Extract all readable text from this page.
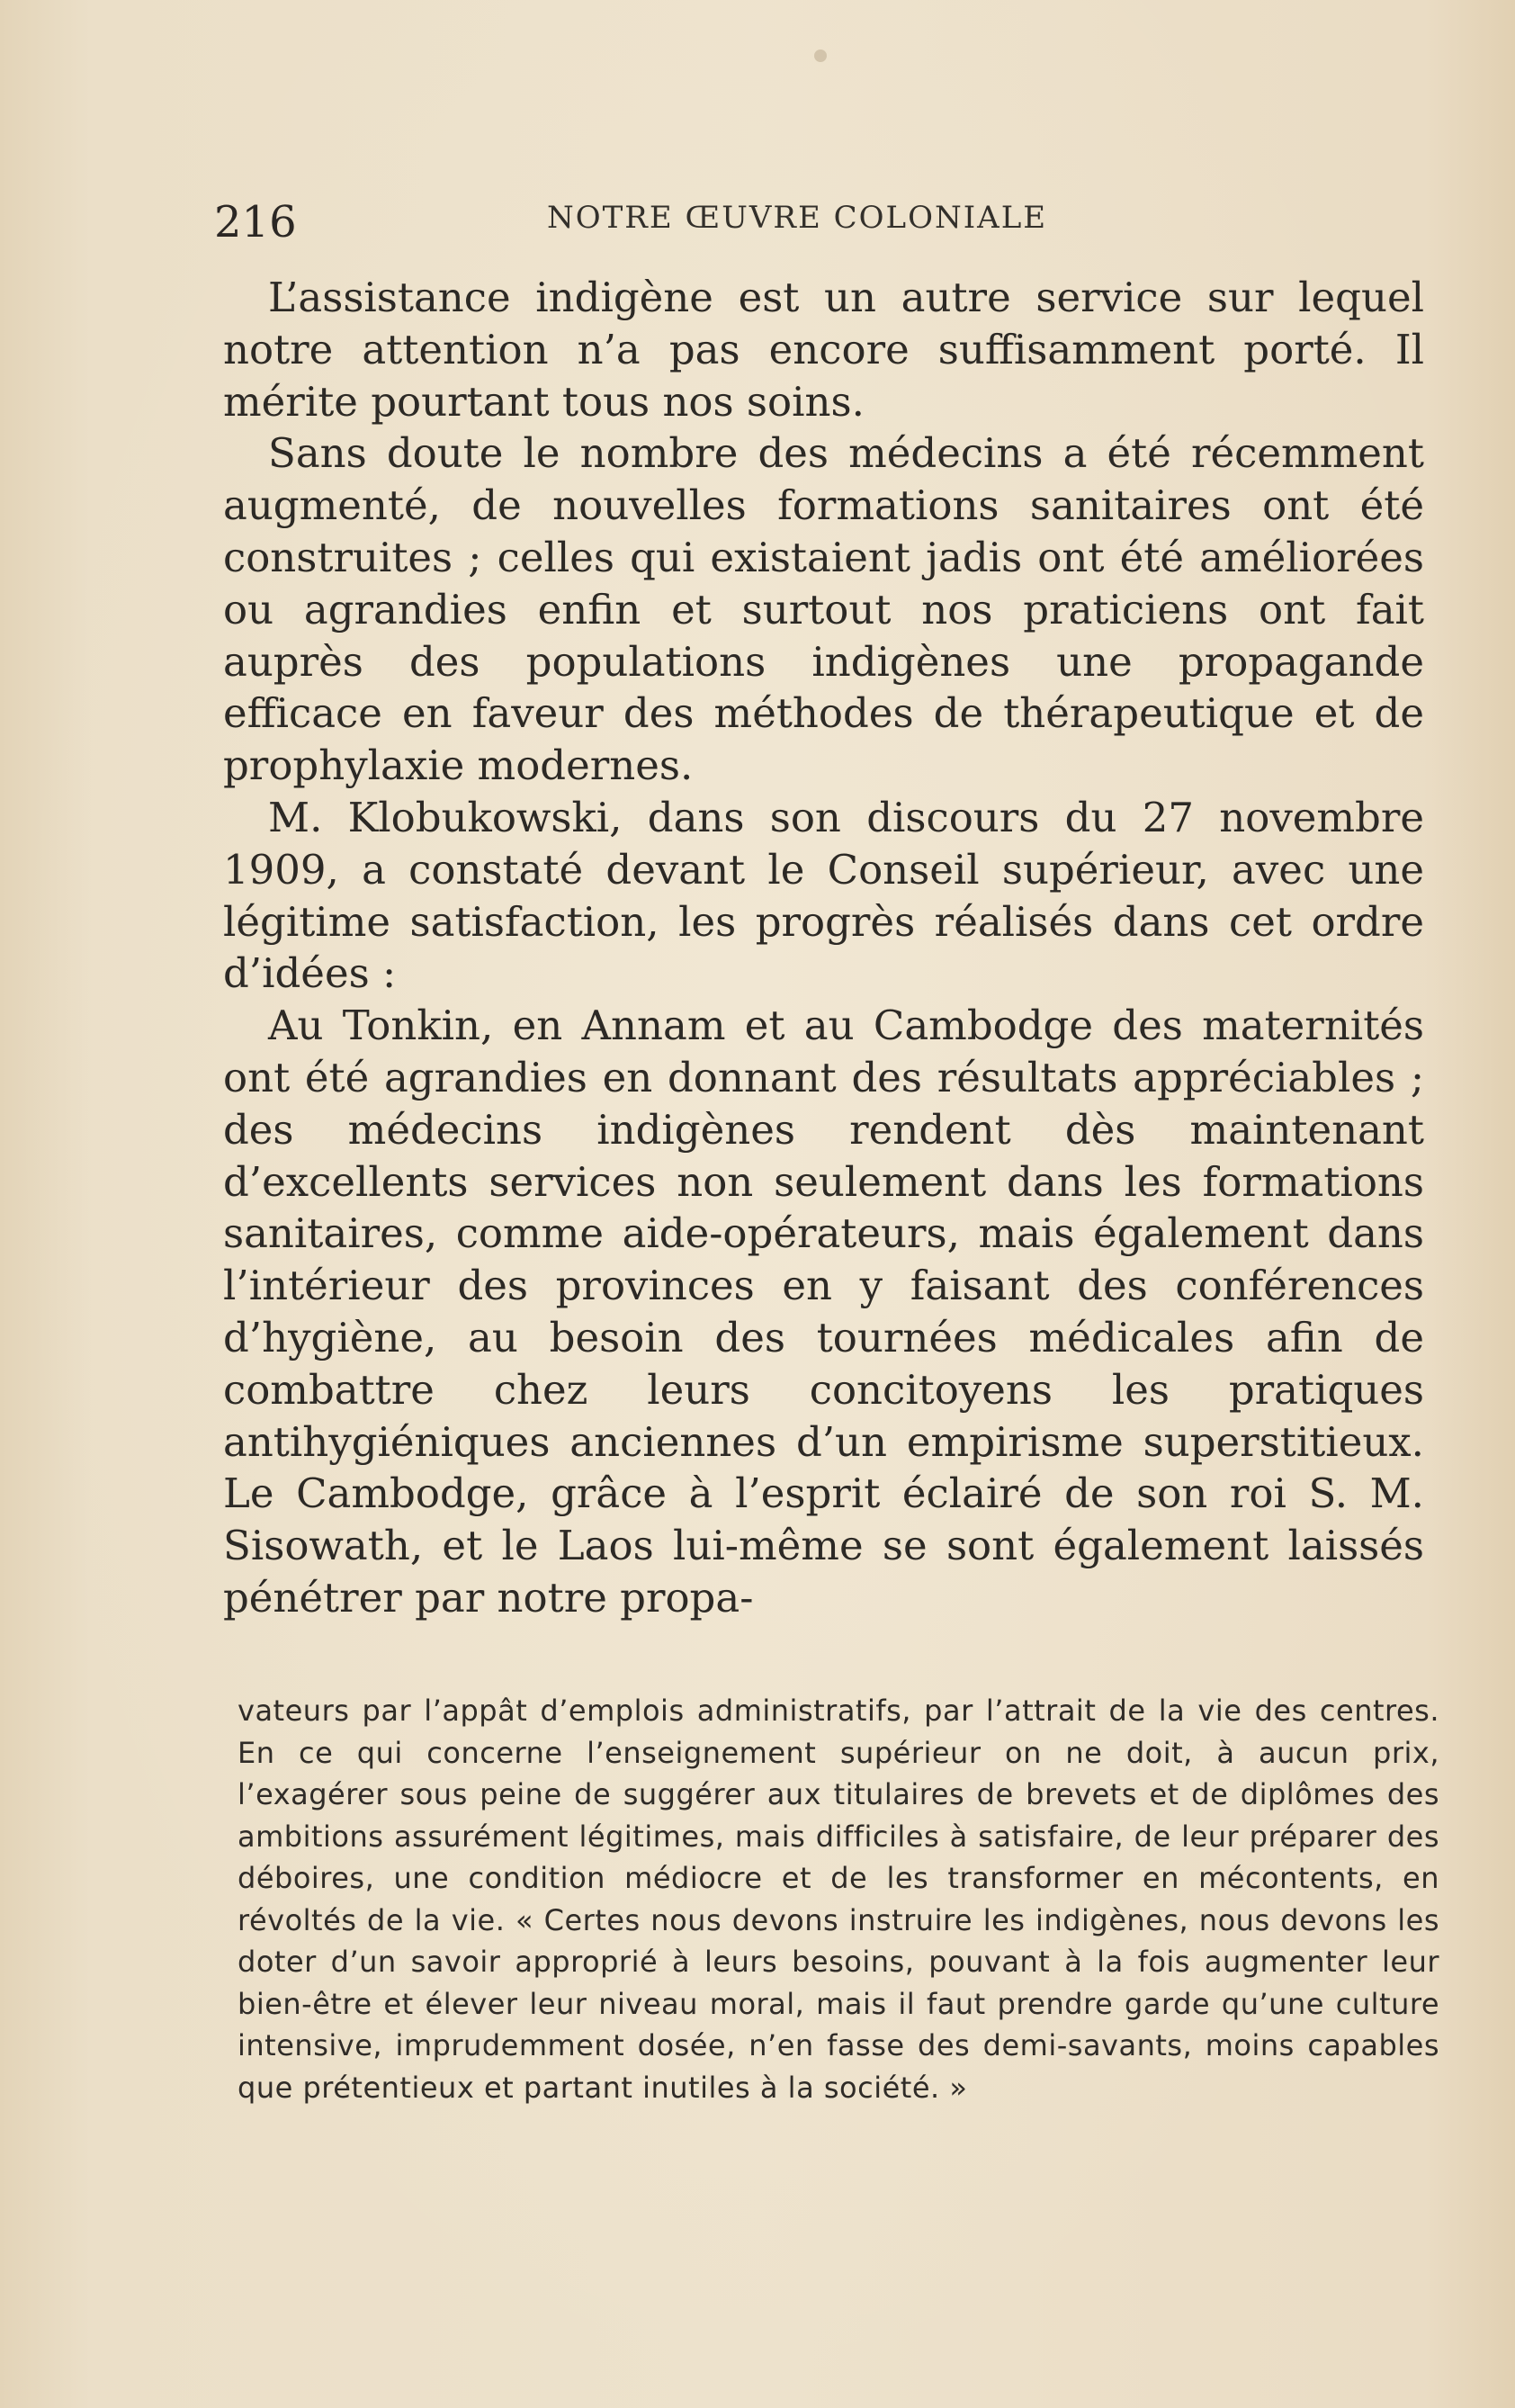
216	NOTRE ŒUVRE COLONIALE

L’assistance indigène est un autre service sur lequel notre attention n’a pas encore suffisamment porté. Il mérite pourtant tous nos soins.

Sans doute le nombre des médecins a été récemment augmenté, de nouvelles formations sanitaires ont été construites ; celles qui existaient jadis ont été améliorées ou agrandies enfin et surtout nos praticiens ont fait auprès des populations indigènes une propagande efficace en faveur des méthodes de thérapeutique et de prophylaxie modernes.

M. Klobukowski, dans son discours du 27 novembre 1909, a constaté devant le Conseil supérieur, avec une légitime satisfaction, les progrès réalisés dans cet ordre d’idées :

Au Tonkin, en Annam et au Cambodge des maternités ont été agrandies en donnant des résultats appréciables ; des médecins indigènes rendent dès maintenant d’excellents services non seulement dans les formations sanitaires, comme aide-opérateurs, mais également dans l’intérieur des provinces en y faisant des conférences d’hygiène, au besoin des tournées médicales afin de combattre chez leurs concitoyens les pratiques antihygiéniques anciennes d’un empirisme superstitieux. Le Cambodge, grâce à l’esprit éclairé de son roi S. M. Sisowath, et le Laos lui-même se sont également laissés pénétrer par notre propa-

vateurs par l’appât d’emplois administratifs, par l’attrait de la vie des centres. En ce qui concerne l’enseignement supérieur on ne doit, à aucun prix, l’exagérer sous peine de suggérer aux titulaires de brevets et de diplômes des ambitions assurément légitimes, mais difficiles à satisfaire, de leur préparer des déboires, une condition médiocre et de les transformer en mécontents, en révoltés de la vie. « Certes nous devons instruire les indigènes, nous devons les doter d’un savoir approprié à leurs besoins, pouvant à la fois augmenter leur bien-être et élever leur niveau moral, mais il faut prendre garde qu’une culture intensive, imprudemment dosée, n’en fasse des demi-savants, moins capables que prétentieux et partant inutiles à la société. »
